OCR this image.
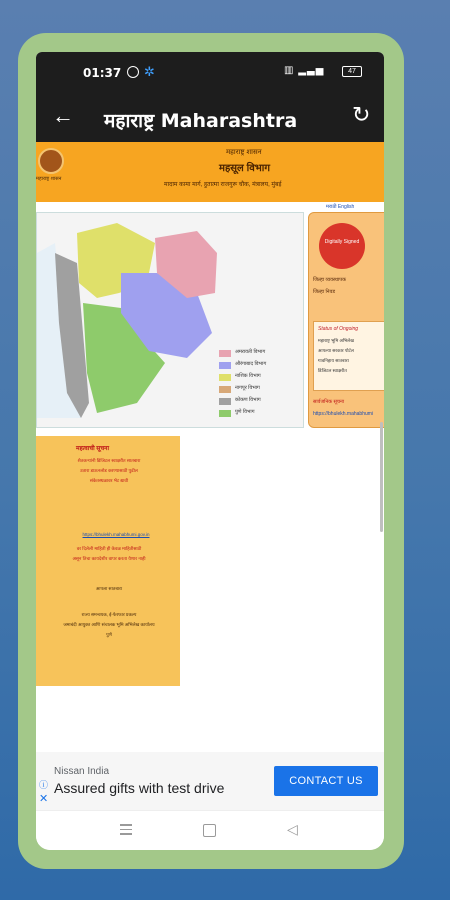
01:37 ✲	▥ ▂▃▅	47
← महाराष्ट्र Maharashtra ↻
महाराष्ट्र शासन
महाराष्ट्र शासन
महसूल विभाग
मादाम कामा मार्ग, हुतात्मा राजगुरू चौक, मंत्रालय, मुंबई
मराठी English
अमरावती विभाग
औरंगाबाद विभाग
नाशिक विभाग
नागपूर विभाग
कोकण विभाग
पुणे विभाग
Digitally Signed
जिल्हा व्यवस्थापक
जिल्हा निवड
Status of Ongoing
महाराष्ट्र भूमि अभिलेख
आपल्या सरकार पोर्टल
गावनिहाय सातबारा
डिजिटल स्वाक्षरीत
सार्वजनिक सूचना
https://bhulekh.mahabhumi
महत्वाची सूचना
शेतकऱ्यांनी डिजिटल स्वाक्षरीत सातबारा
उतारा डाऊनलोड करण्यासाठी पुढील
संकेतस्थळावर भेट द्यावी
https://bhulekh.mahabhumi.gov.in
वर दिलेली माहिती ही केवळ माहितीसाठी
असून तिचा कायदेशीर वापर करता येणार नाही
आपला सातबारा
राज्य समन्वयक, ई-फेरफार प्रकल्प
जमाबंदी आयुक्त आणि संचालक भूमि अभिलेख कार्यालय
पुणे
ⓘ
✕
Nissan India
Assured gifts with test drive	CONTACT US
◁
